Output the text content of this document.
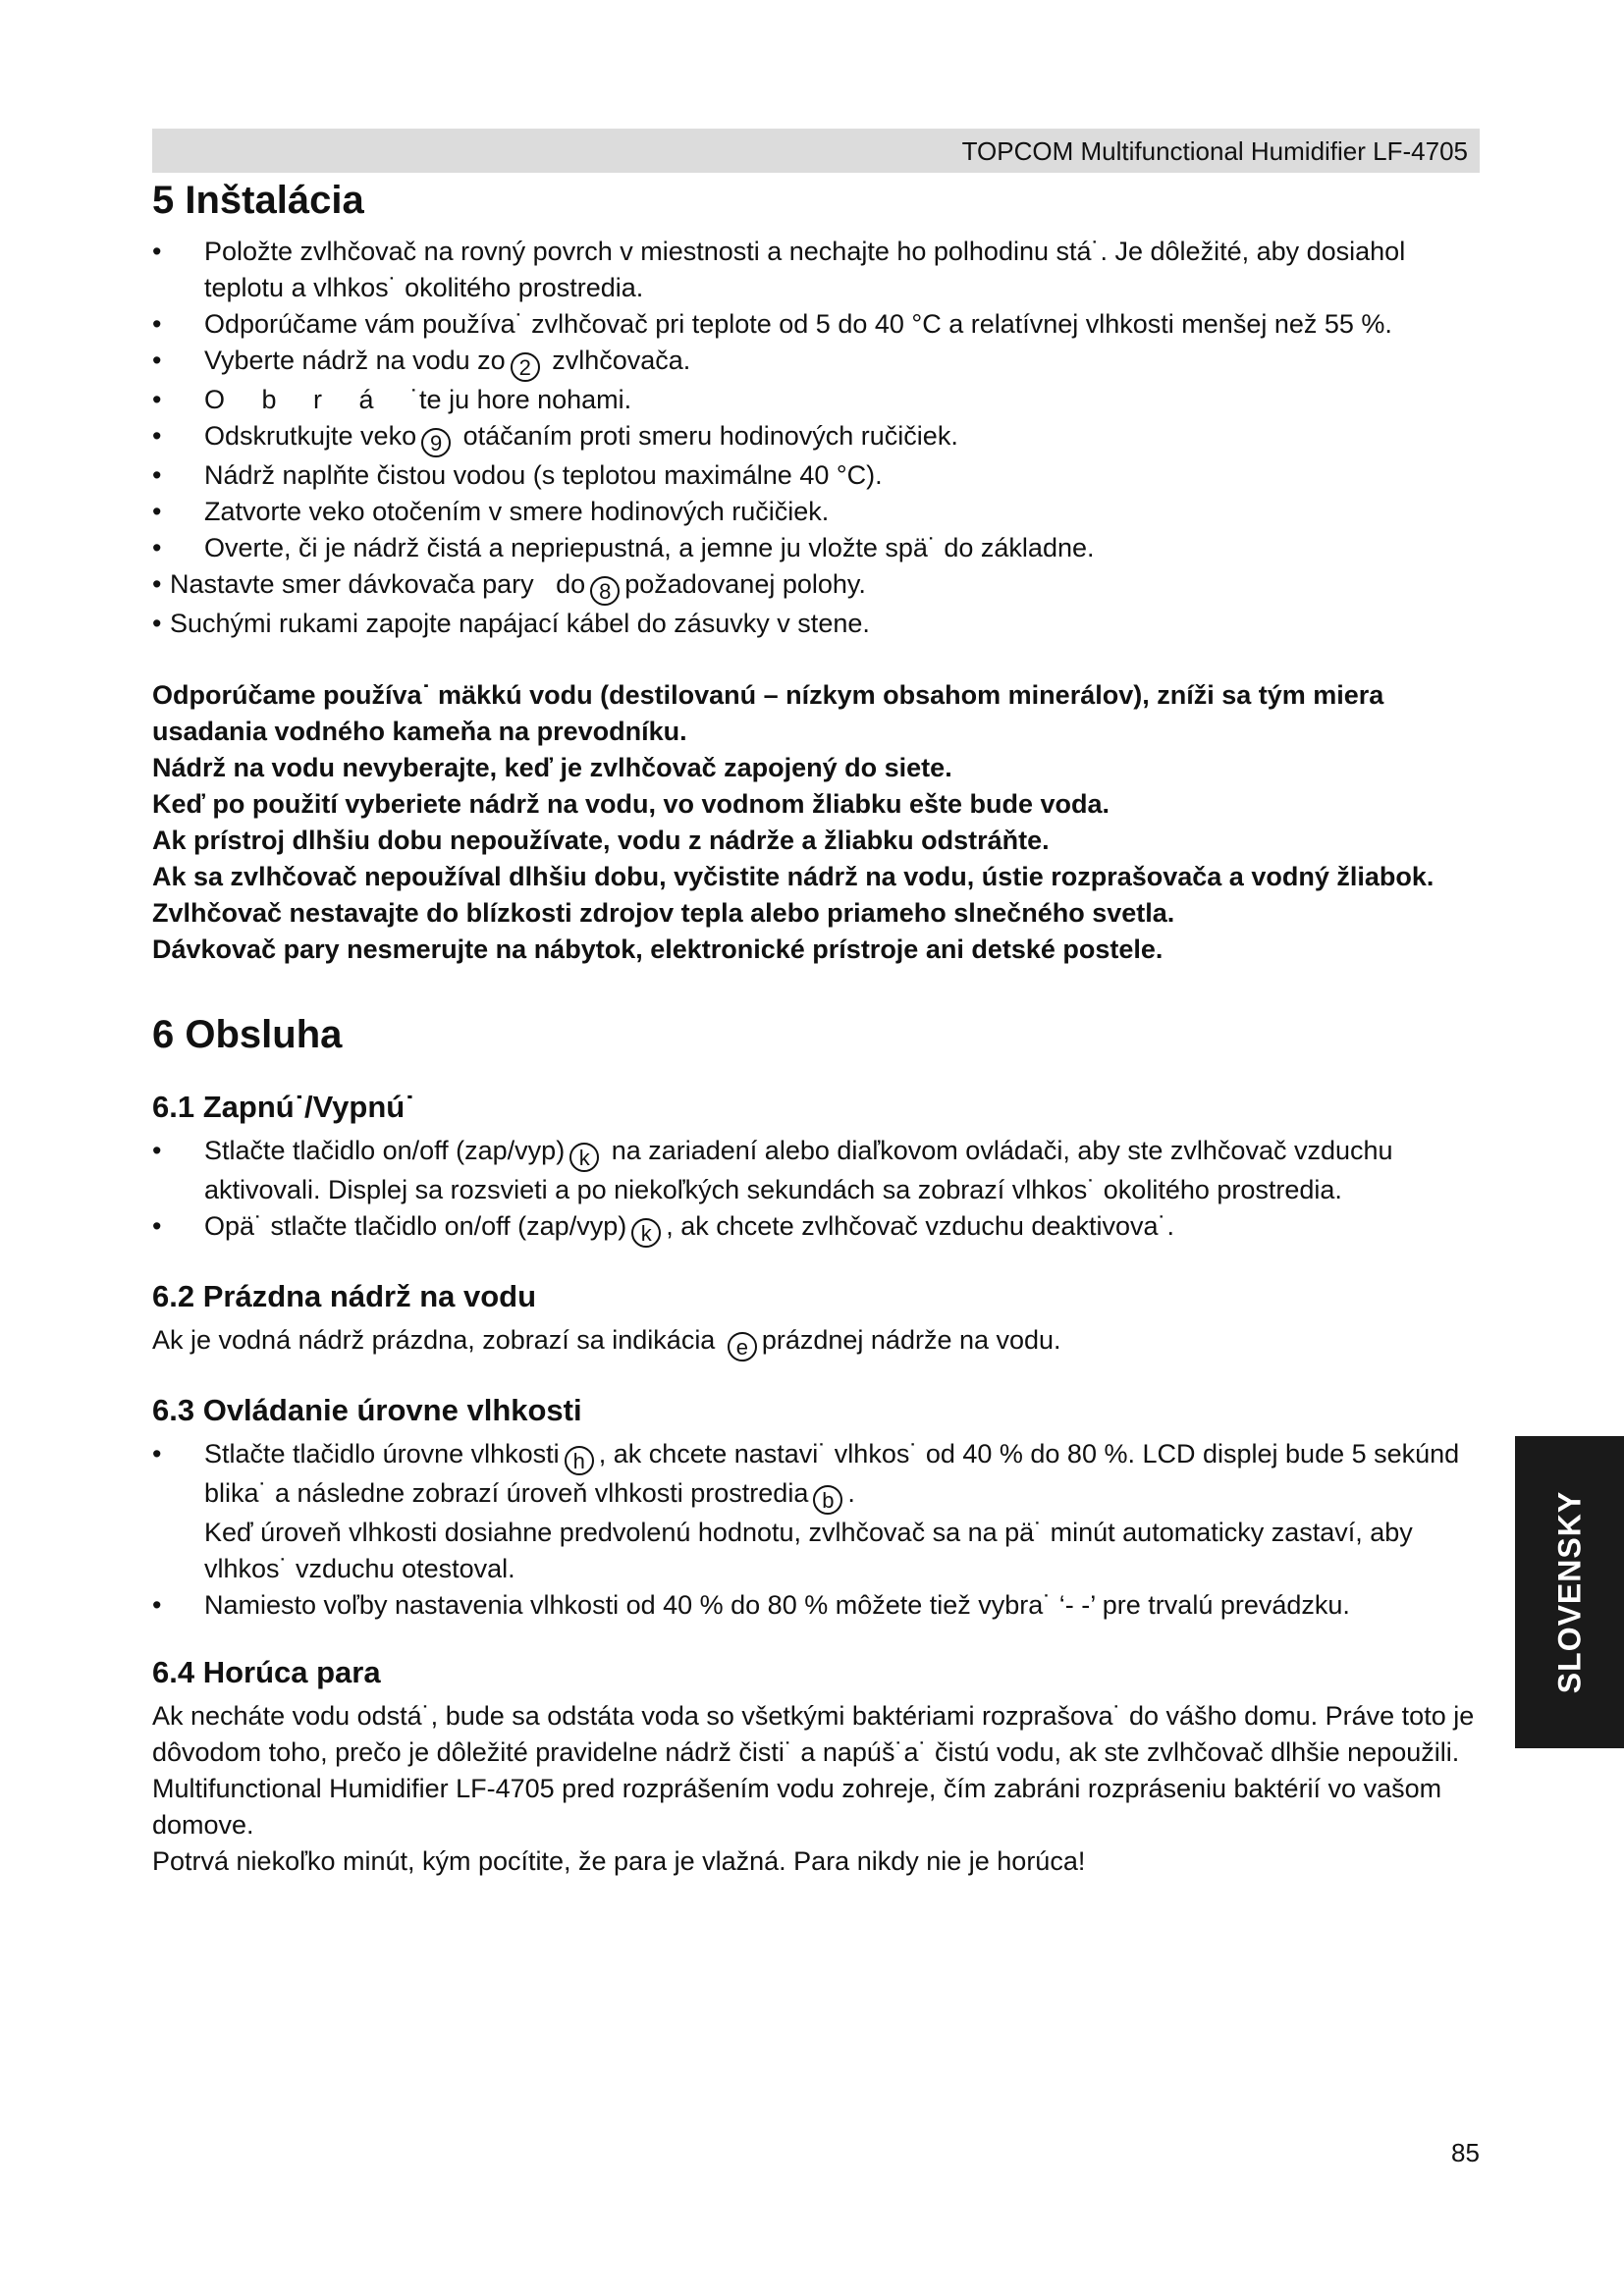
TOPCOM Multifunctional Humidifier LF-4705
5 Inštalácia
• Položte zvlhčovač na rovný povrch v miestnosti a nechajte ho polhodinu stá˙. Je dôležité, aby dosiahol teplotu a vlhkos˙ okolitého prostredia.
• Odporúčame vám používa˙ zvlhčovač pri teplote od 5 do 40 °C a relatívnej vlhkosti menšej než 55 %.
• Vyberte nádrž na vodu zo 2 zvlhčovača.
• O     b     r     á     ˙te ju hore nohami.
• Odskrutkujte veko 9 otáčaním proti smeru hodinových ručičiek.
• Nádrž naplňte čistou vodou (s teplotou maximálne 40 °C).
• Zatvorte veko otočením v smere hodinových ručičiek.
• Overte, či je nádrž čistá a nepriepustná, a jemne ju vložte spä˙ do základne.
• Nastavte smer dávkovača pary   do 8 požadovanej polohy.
• Suchými rukami zapojte napájací kábel do zásuvky v stene.

Odporúčame používa˙ mäkkú vodu (destilovanú – nízkym obsahom minerálov), zníži sa tým miera usadania vodného kameňa na prevodníku.

Nádrž na vodu nevyberajte, keď je zvlhčovač zapojený do siete.

Keď po použití vyberiete nádrž na vodu, vo vodnom žliabku ešte bude voda.

Ak prístroj dlhšiu dobu nepoužívate, vodu z nádrže a žliabku odstráňte.

Ak sa zvlhčovač nepoužíval dlhšiu dobu, vyčistite nádrž na vodu, ústie rozprašovača a vodný žliabok.

Zvlhčovač nestavajte do blízkosti zdrojov tepla alebo priameho slnečného svetla.

Dávkovač pary nesmerujte na nábytok, elektronické prístroje ani detské postele.

6 Obsluha
6.1 Zapnú˙/Vypnú˙
• Stlačte tlačidlo on/off (zap/vyp) k na zariadení alebo diaľkovom ovládači, aby ste zvlhčovač vzduchu aktivovali. Displej sa rozsvieti a po niekoľkých sekundách sa zobrazí vlhkos˙ okolitého prostredia.
• Opä˙ stlačte tlačidlo on/off (zap/vyp) k , ak chcete zvlhčovač vzduchu deaktivova˙.
6.2 Prázdna nádrž na vodu

Ak je vodná nádrž prázdna, zobrazí sa indikácia e prázdnej nádrže na vodu.

6.3 Ovládanie úrovne vlhkosti
• Stlačte tlačidlo úrovne vlhkosti h , ak chcete nastavi˙ vlhkos˙ od 40 % do 80 %. LCD displej bude 5 sekúnd blika˙ a následne zobrazí úroveň vlhkosti prostredia b .
Keď úroveň vlhkosti dosiahne predvolenú hodnotu, zvlhčovač sa na pä˙ minút automaticky zastaví, aby vlhkos˙ vzduchu otestoval.
• Namiesto voľby nastavenia vlhkosti od 40 % do 80 % môžete tiež vybra˙ ‘- -’ pre trvalú prevádzku.
6.4 Horúca para

Ak necháte vodu odstá˙, bude sa odstáta voda so všetkými baktériami rozprašova˙ do vášho domu. Práve toto je dôvodom toho, prečo je dôležité pravidelne nádrž čisti˙ a napúš˙a˙ čistú vodu, ak ste zvlhčovač dlhšie nepoužili.

Multifunctional Humidifier LF-4705 pred rozprášením vodu zohreje, čím zabráni rozpráseniu baktérií vo vašom domove.

Potrvá niekoľko minút, kým pocítite, že para je vlažná. Para nikdy nie je horúca!

SLOVENSKY
85
